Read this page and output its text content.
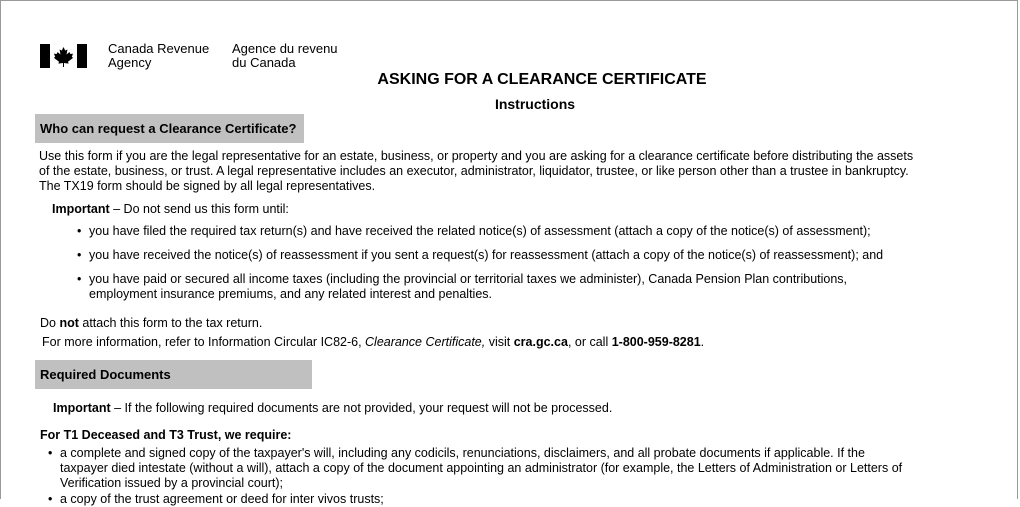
Canada Revenue
Agency
Agence du revenu
du Canada
ASKING FOR A CLEARANCE CERTIFICATE
Instructions
Who can request a Clearance Certificate?
Use this form if you are the legal representative for an estate, business, or property and you are asking for a clearance certificate before distributing the assets
of the estate, business, or trust. A legal representative includes an executor, administrator, liquidator, trustee, or like person other than a trustee in bankruptcy.
The TX19 form should be signed by all legal representatives.
Important – Do not send us this form until:
• you have filed the required tax return(s) and have received the related notice(s) of assessment (attach a copy of the notice(s) of assessment);
• you have received the notice(s) of reassessment if you sent a request(s) for reassessment (attach a copy of the notice(s) of reassessment); and
• you have paid or secured all income taxes (including the provincial or territorial taxes we administer), Canada Pension Plan contributions,
employment insurance premiums, and any related interest and penalties.
Do not attach this form to the tax return.
For more information, refer to Information Circular IC82-6, Clearance Certificate, visit cra.gc.ca, or call 1-800-959-8281.
Required Documents
Important – If the following required documents are not provided, your request will not be processed.
For T1 Deceased and T3 Trust, we require:
• a complete and signed copy of the taxpayer's will, including any codicils, renunciations, disclaimers, and all probate documents if applicable. If the
taxpayer died intestate (without a will), attach a copy of the document appointing an administrator (for example, the Letters of Administration or Letters of
Verification issued by a provincial court);
• a copy of the trust agreement or deed for inter vivos trusts;
